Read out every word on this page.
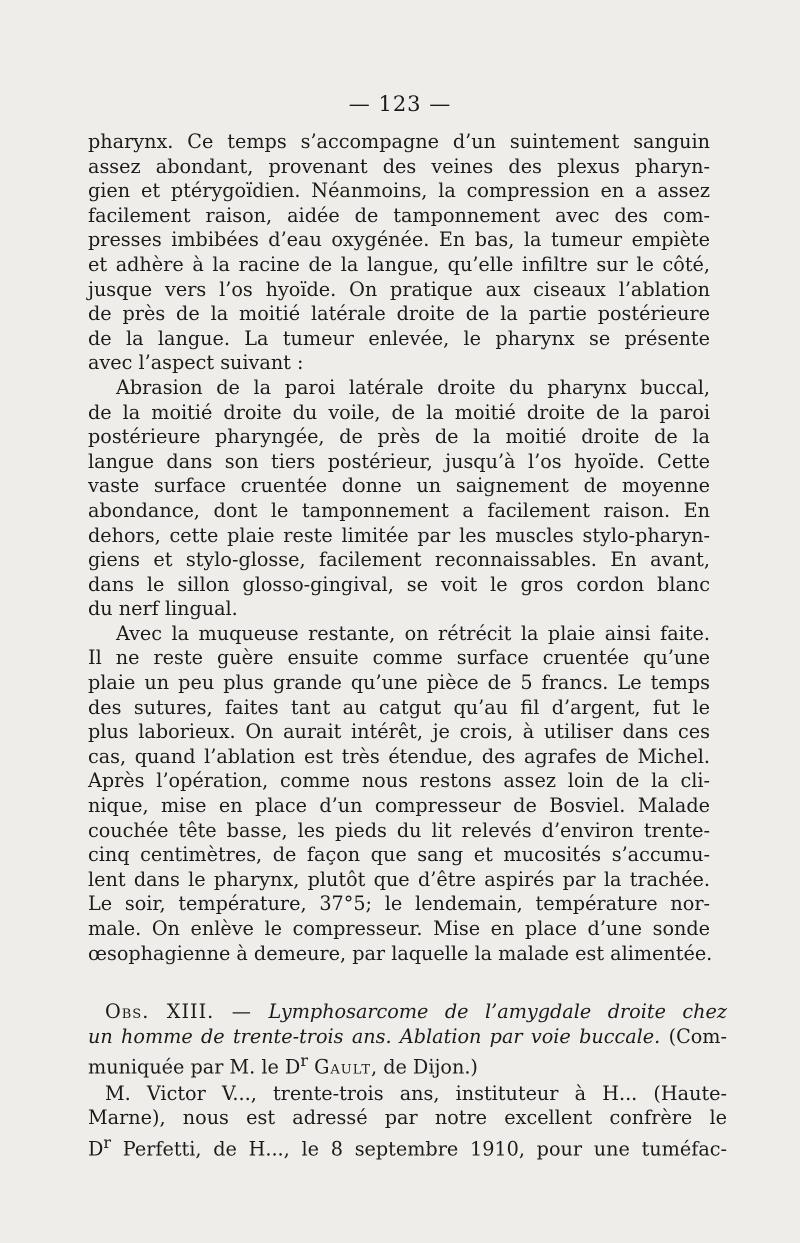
— 123 —
pharynx. Ce temps s’accompagne d’un suintement sanguin
assez abondant, provenant des veines des plexus pharyn-
gien et ptérygoïdien. Néanmoins, la compression en a assez
facilement raison, aidée de tamponnement avec des com-
presses imbibées d’eau oxygénée. En bas, la tumeur empiète
et adhère à la racine de la langue, qu’elle infiltre sur le côté,
jusque vers l’os hyoïde. On pratique aux ciseaux l’ablation
de près de la moitié latérale droite de la partie postérieure
de la langue. La tumeur enlevée, le pharynx se présente
avec l’aspect suivant :
Abrasion de la paroi latérale droite du pharynx buccal,
de la moitié droite du voile, de la moitié droite de la paroi
postérieure pharyngée, de près de la moitié droite de la
langue dans son tiers postérieur, jusqu’à l’os hyoïde. Cette
vaste surface cruentée donne un saignement de moyenne
abondance, dont le tamponnement a facilement raison. En
dehors, cette plaie reste limitée par les muscles stylo-pharyn-
giens et stylo-glosse, facilement reconnaissables. En avant,
dans le sillon glosso-gingival, se voit le gros cordon blanc
du nerf lingual.
Avec la muqueuse restante, on rétrécit la plaie ainsi faite.
Il ne reste guère ensuite comme surface cruentée qu’une
plaie un peu plus grande qu’une pièce de 5 francs. Le temps
des sutures, faites tant au catgut qu’au fil d’argent, fut le
plus laborieux. On aurait intérêt, je crois, à utiliser dans ces
cas, quand l’ablation est très étendue, des agrafes de Michel.
Après l’opération, comme nous restons assez loin de la cli-
nique, mise en place d’un compresseur de Bosviel. Malade
couchée tête basse, les pieds du lit relevés d’environ trente-
cinq centimètres, de façon que sang et mucosités s’accumu-
lent dans le pharynx, plutôt que d’être aspirés par la trachée.
Le soir, température, 37°5; le lendemain, température nor-
male. On enlève le compresseur. Mise en place d’une sonde
œsophagienne à demeure, par laquelle la malade est alimentée.
Obs. XIII. — Lymphosarcome de l’amygdale droite chez
un homme de trente-trois ans. Ablation par voie buccale. (Com-
muniquée par M. le $D^r$ Gault, de Dijon.)
M. Victor V..., trente-trois ans, instituteur à H... (Haute-
Marne), nous est adressé par notre excellent confrère le
$D^r$ Perfetti, de H..., le 8 septembre 1910, pour une tuméfac-
